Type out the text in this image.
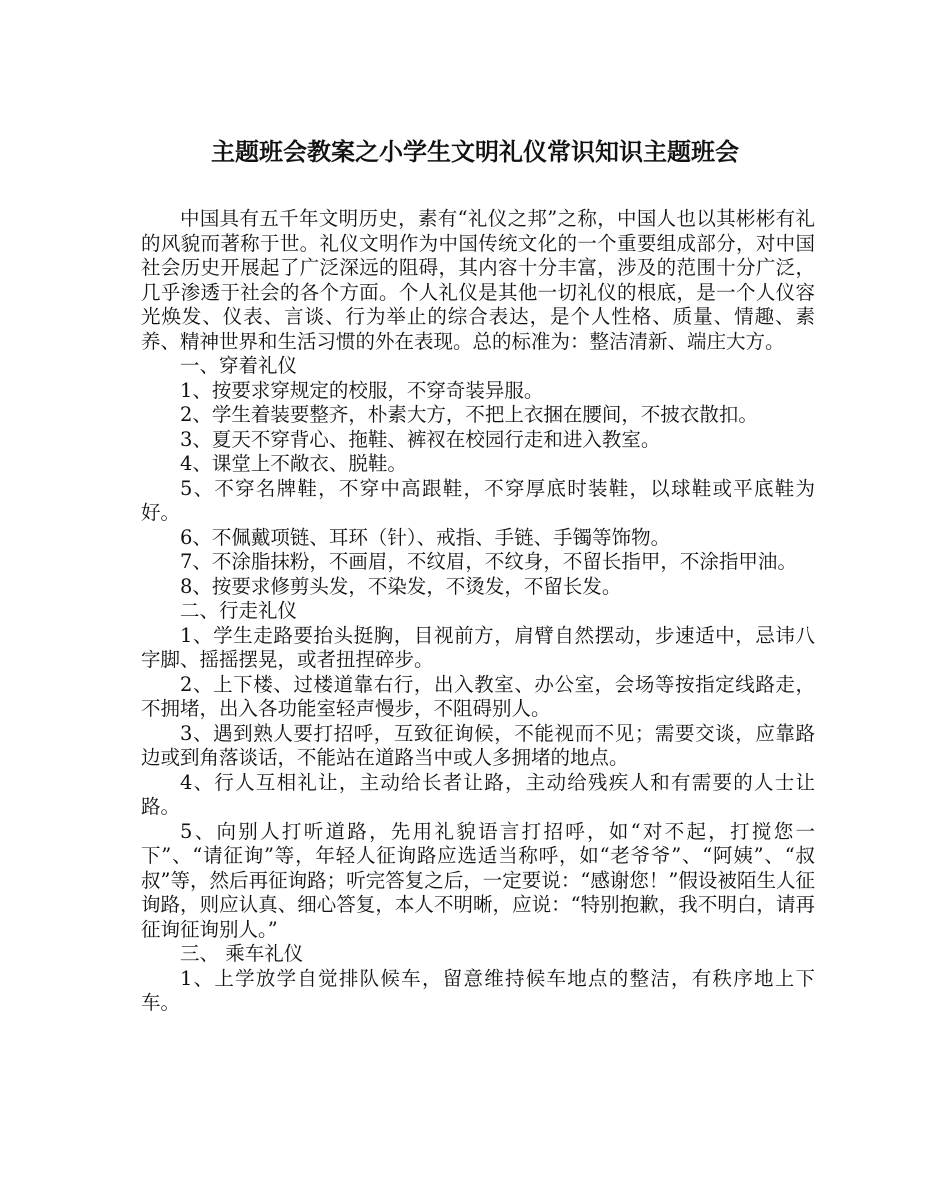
主题班会教案之小学生文明礼仪常识知识主题班会

中国具有五千年文明历史，素有“礼仪之邦”之称，中国人也以其彬彬有礼的风貌而著称于世。礼仪文明作为中国传统文化的一个重要组成部分，对中国社会历史开展起了广泛深远的阻碍，其内容十分丰富，涉及的范围十分广泛，几乎渗透于社会的各个方面。个人礼仪是其他一切礼仪的根底，是一个人仪容光焕发、仪表、言谈、行为举止的综合表达，是个人性格、质量、情趣、素养、精神世界和生活习惯的外在表现。总的标准为：整洁清新、端庄大方。

一、穿着礼仪

1、按要求穿规定的校服，不穿奇装异服。

2、学生着装要整齐，朴素大方，不把上衣捆在腰间，不披衣散扣。

3、夏天不穿背心、拖鞋、裤衩在校园行走和进入教室。

4、课堂上不敞衣、脱鞋。

5、不穿名牌鞋，不穿中高跟鞋，不穿厚底时装鞋，以球鞋或平底鞋为好。

6、不佩戴项链、耳环（针）、戒指、手链、手镯等饰物。

7、不涂脂抹粉，不画眉，不纹眉，不纹身，不留长指甲，不涂指甲油。

8、按要求修剪头发，不染发，不烫发，不留长发。

二、行走礼仪

1、学生走路要抬头挺胸，目视前方，肩臂自然摆动，步速适中，忌讳八字脚、摇摇摆晃，或者扭捏碎步。

2、上下楼、过楼道靠右行，出入教室、办公室，会场等按指定线路走，不拥堵，出入各功能室轻声慢步，不阻碍别人。

3、遇到熟人要打招呼，互致征询候，不能视而不见；需要交谈，应靠路边或到角落谈话，不能站在道路当中或人多拥堵的地点。

4、行人互相礼让，主动给长者让路，主动给残疾人和有需要的人士让路。

5、向别人打听道路，先用礼貌语言打招呼，如“对不起，打搅您一下”、“请征询”等，年轻人征询路应选适当称呼，如“老爷爷”、“阿姨”、“叔叔”等，然后再征询路；听完答复之后，一定要说：“感谢您！”假设被陌生人征询路，则应认真、细心答复，本人不明晰，应说：“特别抱歉，我不明白，请再征询征询别人。”

三、 乘车礼仪

1、上学放学自觉排队候车，留意维持候车地点的整洁，有秩序地上下车。
